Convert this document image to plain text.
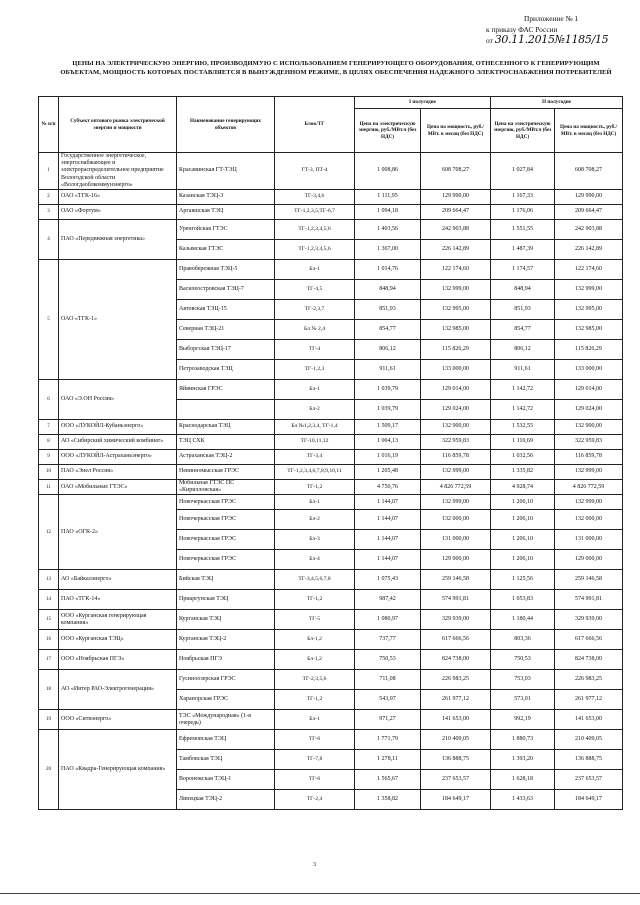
Приложение № 1
к приказу ФАС России
от 30.11.2015№1185/15
ЦЕНЫ НА ЭЛЕКТРИЧЕСКУЮ ЭНЕРГИЮ, ПРОИЗВОДИМУЮ С ИСПОЛЬЗОВАНИЕМ ГЕНЕРИРУЮЩЕГО ОБОРУДОВАНИЯ, ОТНЕСЕННОГО К ГЕНЕРИРУЮЩИМ ОБЪЕКТАМ, МОЩНОСТЬ КОТОРЫХ ПОСТАВЛЯЕТСЯ В ВЫНУЖДЕННОМ РЕЖИМЕ, В ЦЕЛЯХ ОБЕСПЕЧЕНИЯ НАДЕЖНОГО ЭЛЕКТРОСНАБЖЕНИЯ ПОТРЕБИТЕЛЕЙ
№ п/п	Субъект оптового рынка электрической энергии и мощности	Наименование генерирующих объектов	Блок/ТГ	I полугодие		II полугодие	
				Цена на электрическую энергию, руб./МВт.ч (без НДС)	Цена на мощность, руб./МВт. в месяц (без НДС)	Цена на электрическую энергию, руб./МВт.ч (без НДС)	Цена на мощность, руб./МВт. в месяц (без НДС)
1	Государственное энергетическое, энергоснабжающее и электрораспределительное предприятие Вологодской области «Вологдаоблкоммунэнерго»	Красавинская ГТ-ТЭЦ	ГТ-3, ПТ-4	1 008,86	608 708,27	1 027,84	608 708,27
2	ОАО «ТГК-16»	Казанская ТЭЦ-3	ТГ-3,4,6	1 111,95	129 990,00	1 167,33	129 990,00
3	ОАО «Фортум»	Аргаяшская ТЭЦ	ТГ-1,2,3,5,ТГ-6,7	1 094,18	209 664,47	1 176,06	209 664,47
4	ПАО «Передвижная энергетика»	Уренгойская ГТЭС	ТГ-1,2,3,4,5,6	1 403,56	242 903,88	1 551,55	242 903,88
		Казымская ГТЭС	ТГ-1,2,3,4,5,6	1 367,00	226 142,89	1 487,39	226 142,89
5	ОАО «ТГК-1»	Правобережная ТЭЦ-5	Бл-1	1 014,76	122 174,60	1 174,57	122 174,60
		Василеостровская ТЭЦ-7	ТГ-4,5	848,94	132 999,00	848,94	132 999,00
		Автовская ТЭЦ-15	ТГ-2,3,7	851,93	132 995,00	851,93	132 995,00
		Северная ТЭЦ-21	Бл № 2,4	854,77	132 985,00	854,77	132 985,00
		Выборгская ТЭЦ-17	ТГ-4	806,12	115 826,29	806,12	115 826,29
		Петрозаводская ТЭЦ	ТГ-1,2,3	911,61	133 000,00	911,61	133 000,00
6	ОАО «Э.ОН Россия»	Яйвинская ГРЭС	Бл-1	1 039,79	129 014,00	1 142,72	129 014,00
			Бл-2	1 039,79	129 024,00	1 142,72	129 024,00
7	ООО «ЛУКОЙЛ-Кубаньэнерго»	Краснодарская ТЭЦ	Бл №1,2,3,4, ТГ-1,4	1 509,17	132 900,00	1 532,55	132 900,00
8	АО «Сибирский химический комбинат»	ТЭЦ СХК	ТГ-10,11,12	1 004,13	322 959,83	1 110,69	322 959,83
9	ООО «ЛУКОЙЛ-Астраханьэнерго»	Астраханская ТЭЦ-2	ТГ-3,4	1 016,19	116 859,78	1 032,56	116 859,78
10	ПАО «Энел Россия»	Невинномысская ГРЭС	ТГ-1,2,3,4,6,7,8,9,10,11	1 205,48	132 999,00	1 335,82	132 999,00
11	ОАО «Мобильные ГТЭС»	Мобильная ГТЭС ПС «Кирилловская»	ТГ-1,2	4 750,76	4 826 772,59	4 928,74	4 826 772,59
12	ПАО «ОГК-2»	Новочеркасская ГРЭС	Бл-1	1 144,07	132 999,00	1 206,10	132 999,00
		Новочеркасская ГРЭС	Бл-2	1 144,07	132 000,00	1 206,10	132 000,00
		Новочеркасская ГРЭС	Бл-3	1 144,07	131 000,00	1 206,10	131 000,00
		Новочеркасская ГРЭС	Бл-4	1 144,07	129 000,00	1 206,10	129 000,00
13	АО «Байкалэнерго»	Бийская ТЭЦ	ТГ-3,4,5,6,7,8	1 075,43	259 146,58	1 125,56	259 146,58
14	ПАО «ТГК-14»	Приаргунская ТЭЦ	ТГ-1,2	987,42	574 991,81	1 053,83	574 991,81
15	ООО «Курганская генерирующая компания»	Курганская ТЭЦ	ТГ-5	1 080,97	329 939,00	1 180,44	329 939,00
16	ООО «Курганская ТЭЦ»	Курганская ТЭЦ-2	Бл-1,2	737,77	617 666,56	803,36	617 666,56
17	ООО «Ноябрьская ПГЭ»	Ноябрьская ПГЭ	Бл-1,2	750,53	824 738,00	750,53	824 738,00
18	АО «Интер РАО-Электрогенерация»	Гусиноозерская ГРЭС	ТГ-2,3,5,6	711,08	226 983,25	753,03	226 983,25
		Харанорская ГРЭС	ТГ-1,2	543,97	261 977,12	573,01	261 977,12
19	ООО «Ситиэнерго»	ТЭС «Международная» (1-я очередь)	Бл-1	971,27	141 653,00	992,19	141 653,00
20	ПАО «Квадра-Генерирующая компания»	Ефремовская ТЭЦ	ТГ-6	1 771,79	210 409,05	1 880,73	210 409,05
		Тамбовская ТЭЦ	ТГ-7,8	1 278,11	136 888,75	1 393,20	136 888,75
		Воронежская ТЭЦ-1	ТГ-6	1 565,67	237 653,57	1 628,18	237 653,57
		Липецкая ТЭЦ-2	ТГ-2,4	1 358,82	184 649,17	1 433,63	184 649,17
3
